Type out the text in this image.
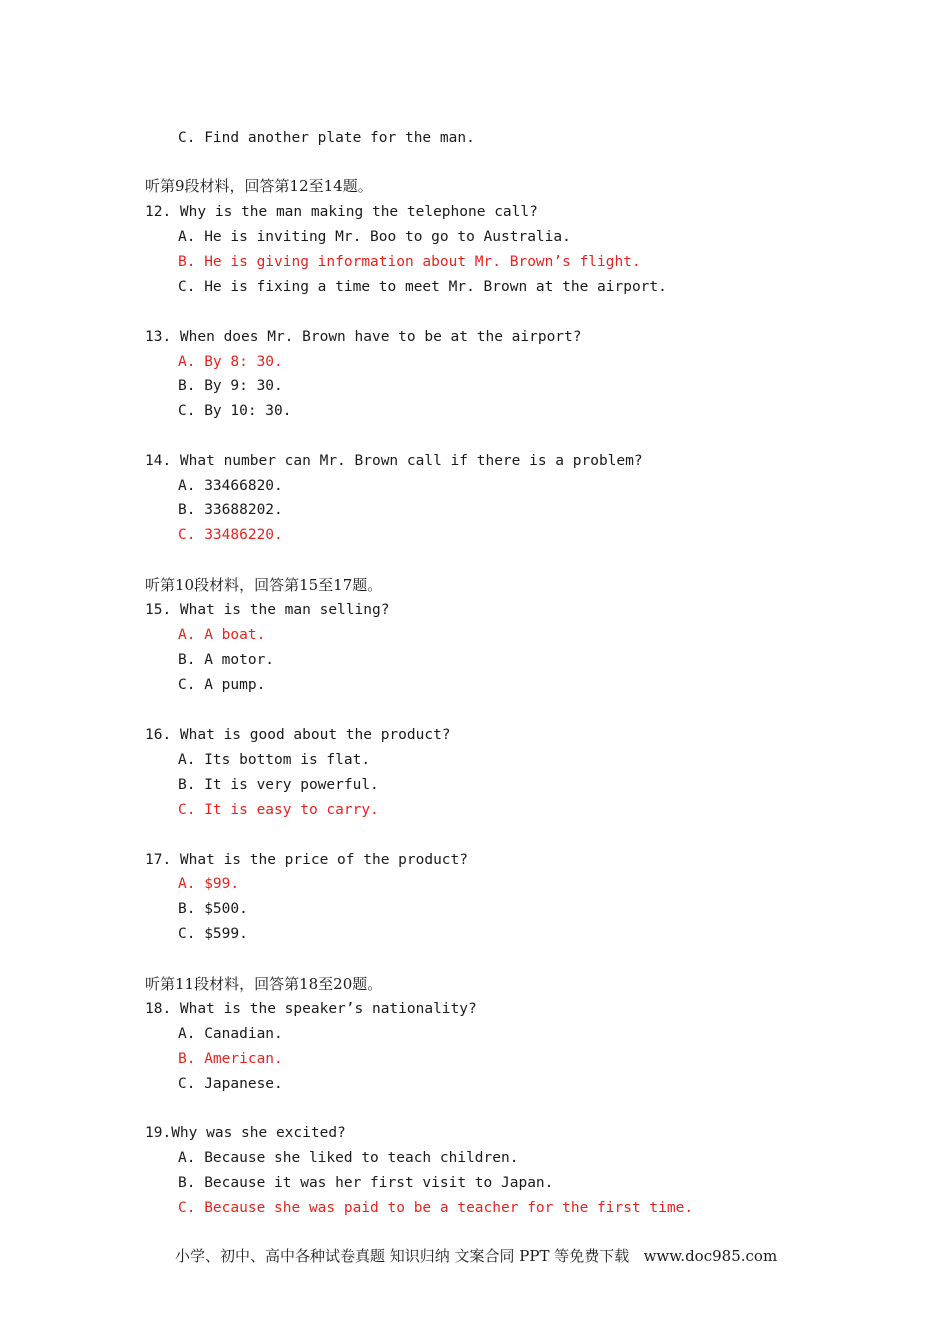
C. Find another plate for the man.

听第9段材料，回答第12至14题。

12. Why is the man making the telephone call?

A. He is inviting Mr. Boo to go to Australia.

B. He is giving information about Mr. Brown’s flight.

C. He is fixing a time to meet Mr. Brown at the airport.

13. When does Mr. Brown have to be at the airport?

A. By 8: 30.

B. By 9: 30.

C. By 10: 30.

14. What number can Mr. Brown call if there is a problem?

A. 33466820.

B. 33688202.

C. 33486220.

听第10段材料，回答第15至17题。

15. What is the man selling?

A. A boat.

B. A motor.

C. A pump.

16. What is good about the product?

A. Its bottom is flat.

B. It is very powerful.

C. It is easy to carry.

17. What is the price of the product?

A. $99.

B. $500.

C. $599.

听第11段材料，回答第18至20题。

18. What is the speaker’s nationality?

A. Canadian.

B. American.

C. Japanese.

19.Why was she excited?

A. Because she liked to teach children.

B. Because it was her first visit to Japan.

C. Because she was paid to be a teacher for the first time.

小学、初中、高中各种试卷真题 知识归纳 文案合同 PPT 等免费下载   www.doc985.com
